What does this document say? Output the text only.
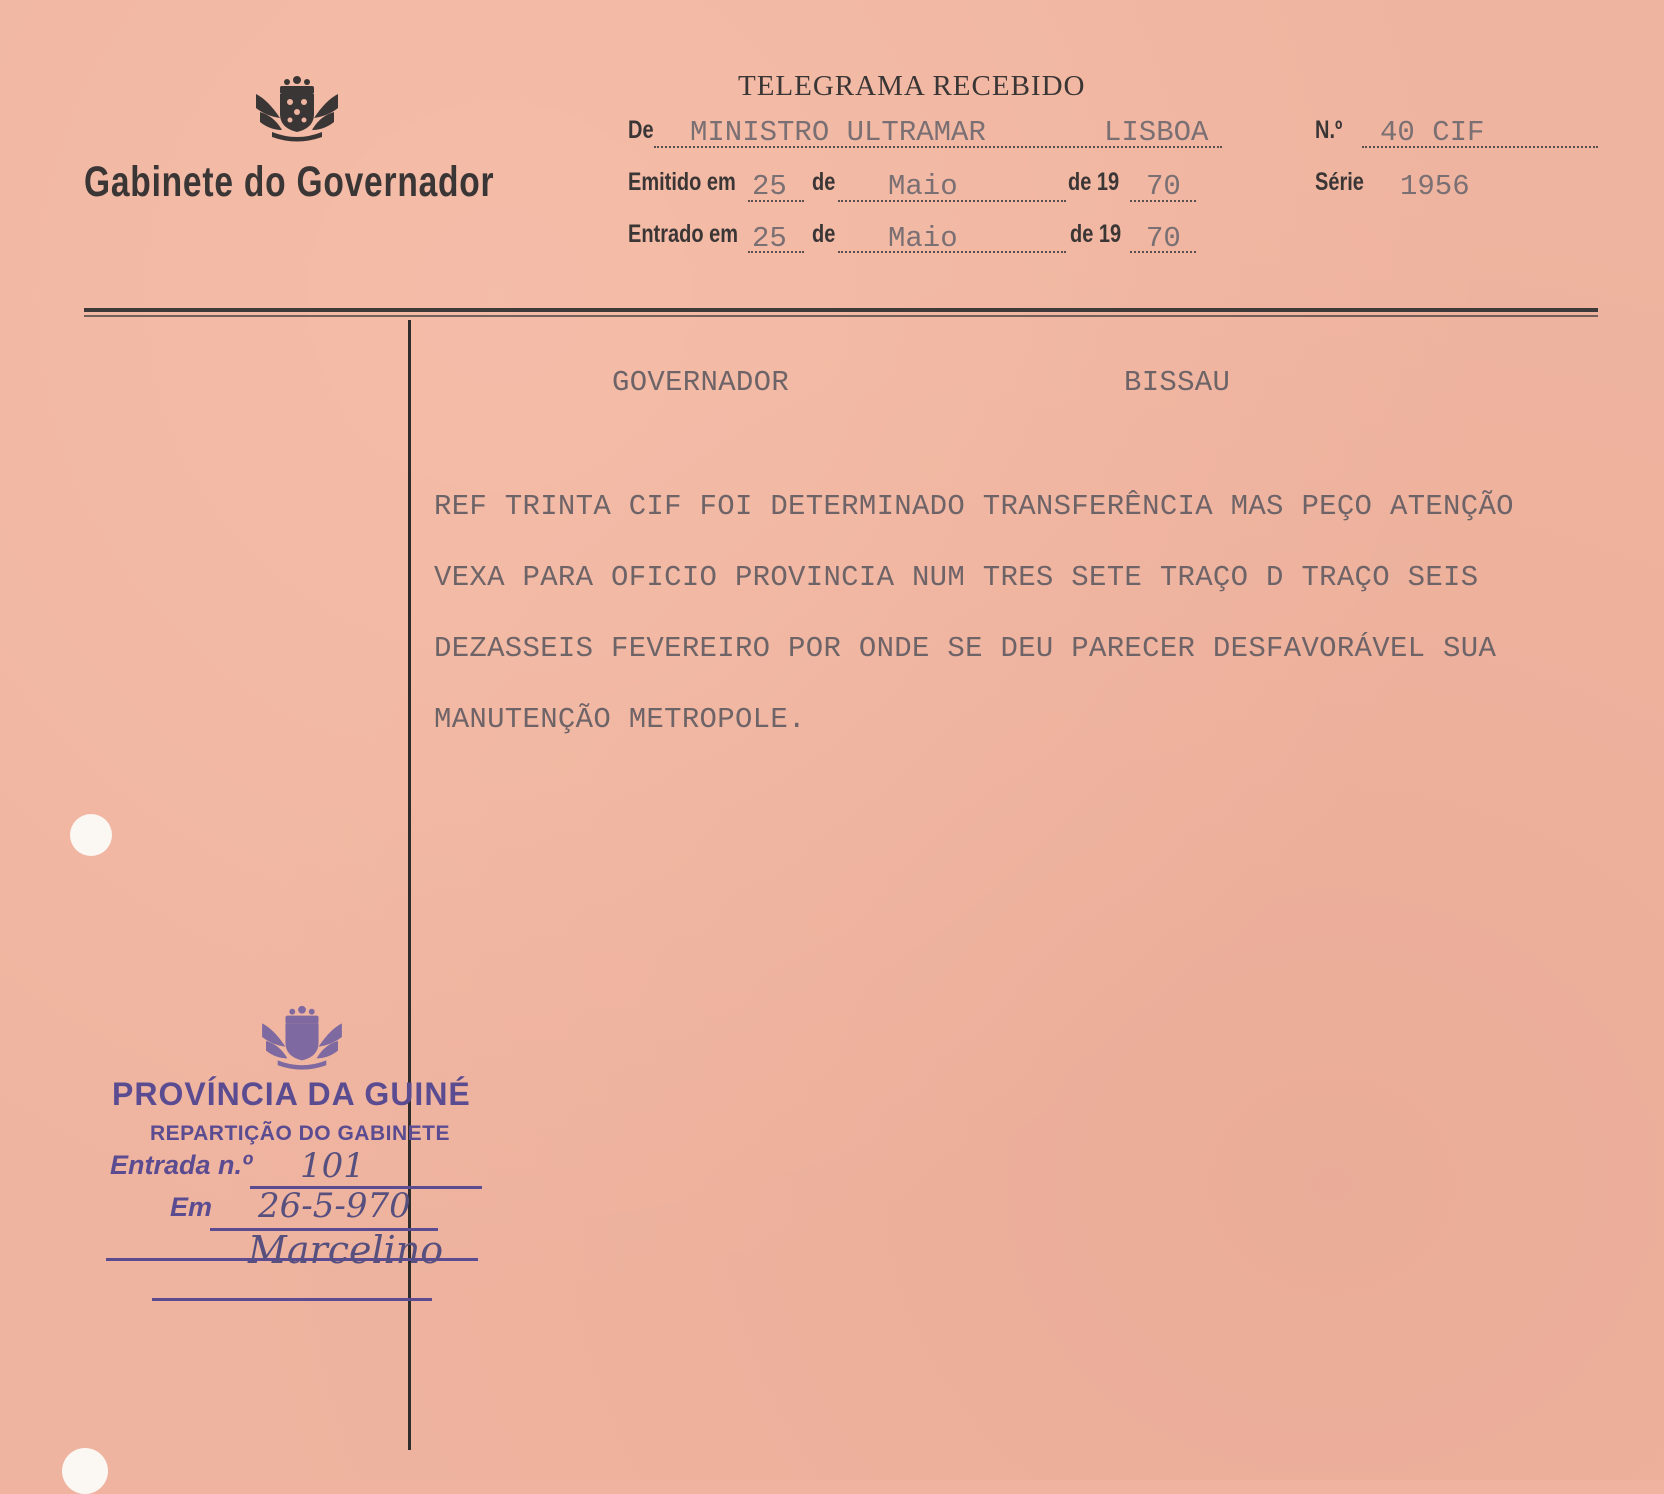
Gabinete do Governador
TELEGRAMA RECEBIDO
De MINISTRO ULTRAMAR	LISBOA	N.º 40 CIF
Emitido em 25 de Maio	de 19 70	Série 1956
Entrado em 25 de Maio	de 19 70
GOVERNADOR	BISSAU
REF TRINTA CIF FOI DETERMINADO TRANSFERÊNCIA MAS PEÇO ATENÇÃO
VEXA PARA OFICIO PROVINCIA NUM TRES SETE TRAÇO D TRAÇO SEIS
DEZASSEIS FEVEREIRO POR ONDE SE DEU PARECER DESFAVORÁVEL SUA
MANUTENÇÃO METROPOLE.
PROVÍNCIA DA GUINÉ
REPARTIÇÃO DO GABINETE
Entrada n.º 101
Em 26-5-970
Marcelino
